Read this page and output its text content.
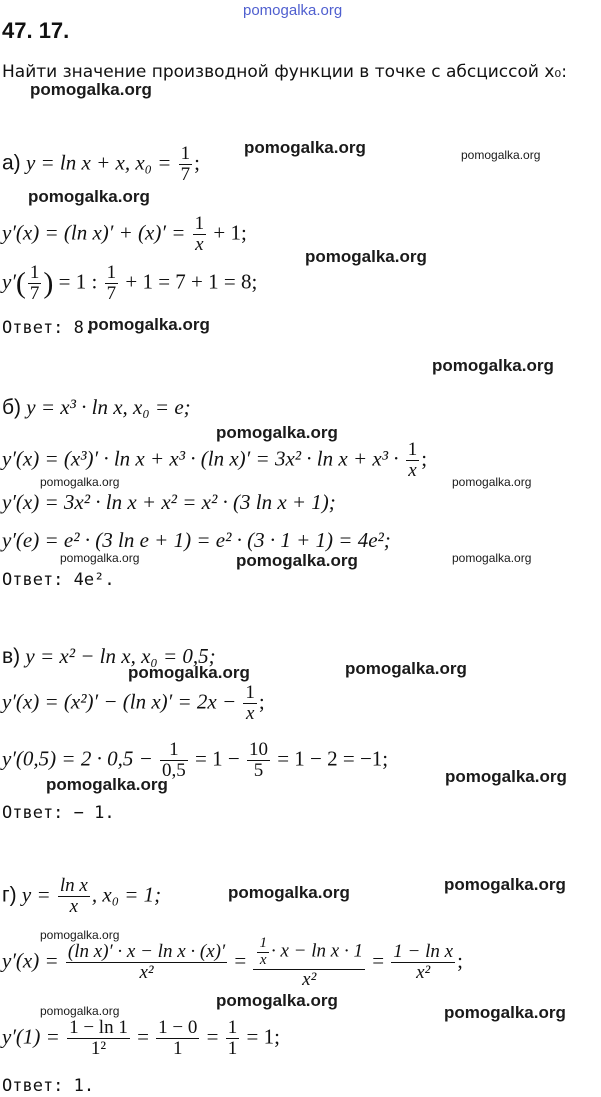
pomogalka.org
pomogalka.org
pomogalka.org	pomogalka.org
pomogalka.org
pomogalka.org
pomogalka.org
pomogalka.org
pomogalka.org
pomogalka.org	pomogalka.org
pomogalka.org	pomogalka.org	pomogalka.org
pomogalka.org
pomogalka.org
pomogalka.org
pomogalka.org
pomogalka.org
pomogalka.org
pomogalka.org
pomogalka.org
pomogalka.org	pomogalka.org
47. 17.
Найти значение производной функции в точке с абсциссой x₀:
а) y = ln x + x, $x_0 = \frac{1}{7}$ ;
y′(x) = (ln $x)' + (x)' = \frac{1}{x} + 1$;
$y'( \frac{1}{7}$ ) = 1 : $\frac{1}{7} + 1 = 7 + 1 = 8$;
Ответ: 8.
б) y = x³ · ln x, x₀ = e;
y′(x) = (x³)′ · ln x + x³ · (ln $x)' = 3x^2 \cdot \ln x + x^3 \cdot \frac{1}{x}$ ;
y′(x) = 3x² · ln x + x² = x² · (3 ln x + 1);
y′(e) = e² · (3 ln e + 1) = e² · (3 · 1 + 1) = 4e²;
Ответ: 4e².
в) y = x² − ln x, x₀ = 0,5;
y′(x) = (x²)′ − (ln $x)' = 2x - \frac{1}{x}$ ;
$y'(0,5) = 2 \cdot 0,5 - \frac{1}{0,5} = 1 - \frac{10}{5} = 1 - 2 = -1$;
Ответ: − 1.
г) $y = \frac{\text{ln x}}{x}$ , x₀ = 1;
$y'(x) = \frac{\text{(ln x)′ · x − ln x · (x)′}}{\text{x²}} = \frac{\frac{1}{x} \cdot x - \ln x \cdot 1}{\text{x²}} = \frac{\text{1 − ln x}}{\text{x²}}$ ;
$y'(1) = \frac{1 - \ln 1}{\text{1²}} = \frac{1 - 0}{1} = \frac{1}{1} = 1$;
Ответ: 1.
